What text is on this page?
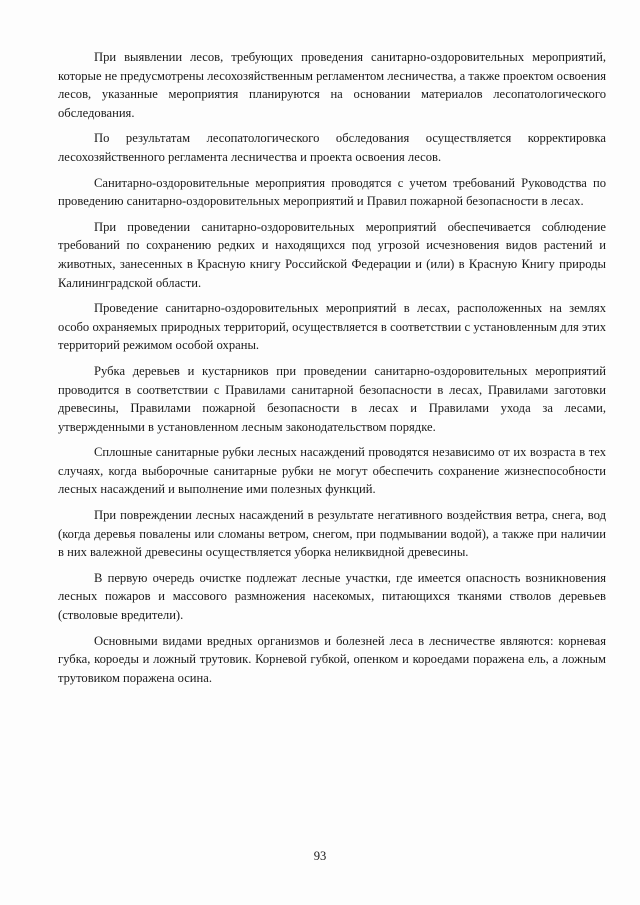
При выявлении лесов, требующих проведения санитарно-оздоровительных мероприятий, которые не предусмотрены лесохозяйственным регламентом лесничества, а также проектом освоения лесов, указанные мероприятия планируются на основании материалов лесопатологического обследования.

По результатам лесопатологического обследования осуществляется корректировка лесохозяйственного регламента лесничества и проекта освоения лесов.

Санитарно-оздоровительные мероприятия проводятся с учетом требований Руководства по проведению санитарно-оздоровительных мероприятий и Правил пожарной безопасности в лесах.

При проведении санитарно-оздоровительных мероприятий обеспечивается соблюдение требований по сохранению редких и находящихся под угрозой исчезновения видов растений и животных, занесенных в Красную книгу Российской Федерации и (или) в Красную Книгу природы Калининградской области.

Проведение санитарно-оздоровительных мероприятий в лесах, расположенных на землях особо охраняемых природных территорий, осуществляется в соответствии с установленным для этих территорий режимом особой охраны.

Рубка деревьев и кустарников при проведении санитарно-оздоровительных мероприятий проводится в соответствии с Правилами санитарной безопасности в лесах, Правилами заготовки древесины, Правилами пожарной безопасности в лесах и Правилами ухода за лесами, утвержденными в установленном лесным законодательством порядке.

Сплошные санитарные рубки лесных насаждений проводятся независимо от их возраста в тех случаях, когда выборочные санитарные рубки не могут обеспечить сохранение жизнеспособности лесных насаждений и выполнение ими полезных функций.

При повреждении лесных насаждений в результате негативного воздействия ветра, снега, вод (когда деревья повалены или сломаны ветром, снегом, при подмывании водой), а также при наличии в них валежной древесины осуществляется уборка неликвидной древесины.

В первую очередь очистке подлежат лесные участки, где имеется опасность возникновения лесных пожаров и массового размножения насекомых, питающихся тканями стволов деревьев (стволовые вредители).

Основными видами вредных организмов и болезней леса в лесничестве являются: корневая губка, короеды и ложный трутовик. Корневой губкой, опенком и короедами поражена ель, а ложным трутовиком поражена осина.

93
